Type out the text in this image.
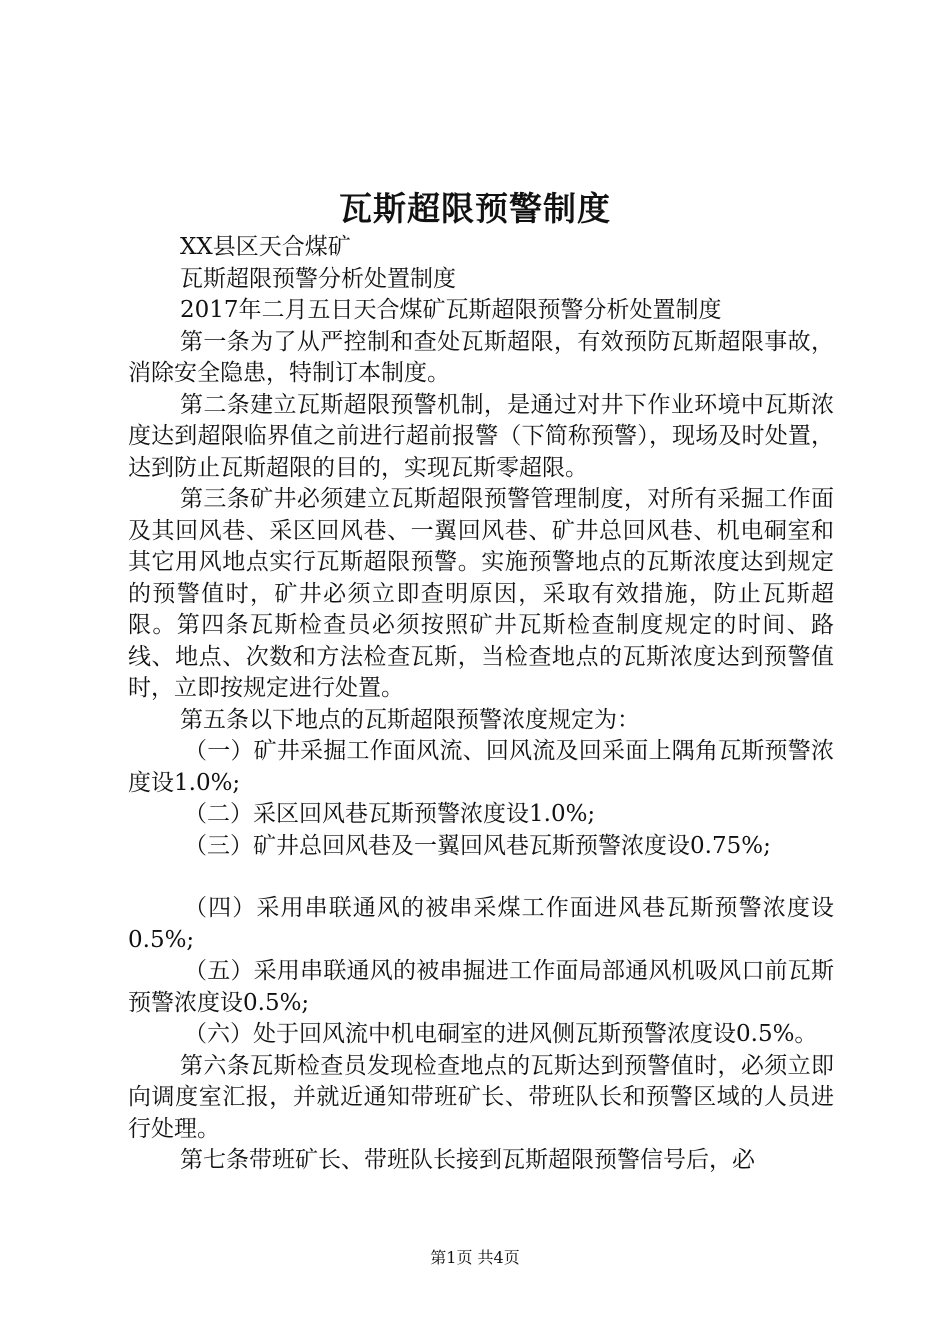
瓦斯超限预警制度

XX县区天合煤矿

瓦斯超限预警分析处置制度

2017年二月五日天合煤矿瓦斯超限预警分析处置制度

第一条为了从严控制和查处瓦斯超限，有效预防瓦斯超限事故，消除安全隐患，特制订本制度。

第二条建立瓦斯超限预警机制，是通过对井下作业环境中瓦斯浓度达到超限临界值之前进行超前报警（下简称预警），现场及时处置，达到防止瓦斯超限的目的，实现瓦斯零超限。

第三条矿井必须建立瓦斯超限预警管理制度，对所有采掘工作面及其回风巷、采区回风巷、一翼回风巷、矿井总回风巷、机电硐室和其它用风地点实行瓦斯超限预警。实施预警地点的瓦斯浓度达到规定的预警值时，矿井必须立即查明原因，采取有效措施，防止瓦斯超限。第四条瓦斯检查员必须按照矿井瓦斯检查制度规定的时间、路线、地点、次数和方法检查瓦斯，当检查地点的瓦斯浓度达到预警值时，立即按规定进行处置。

第五条以下地点的瓦斯超限预警浓度规定为：

（一）矿井采掘工作面风流、回风流及回采面上隅角瓦斯预警浓度设1.0%;

（二）采区回风巷瓦斯预警浓度设1.0%;

（三）矿井总回风巷及一翼回风巷瓦斯预警浓度设0.75%;

（四）采用串联通风的被串采煤工作面进风巷瓦斯预警浓度设0.5%;

（五）采用串联通风的被串掘进工作面局部通风机吸风口前瓦斯预警浓度设0.5%;

（六）处于回风流中机电硐室的进风侧瓦斯预警浓度设0.5%。

第六条瓦斯检查员发现检查地点的瓦斯达到预警值时，必须立即向调度室汇报，并就近通知带班矿长、带班队长和预警区域的人员进行处理。

第七条带班矿长、带班队长接到瓦斯超限预警信号后，必

第1页 共4页
